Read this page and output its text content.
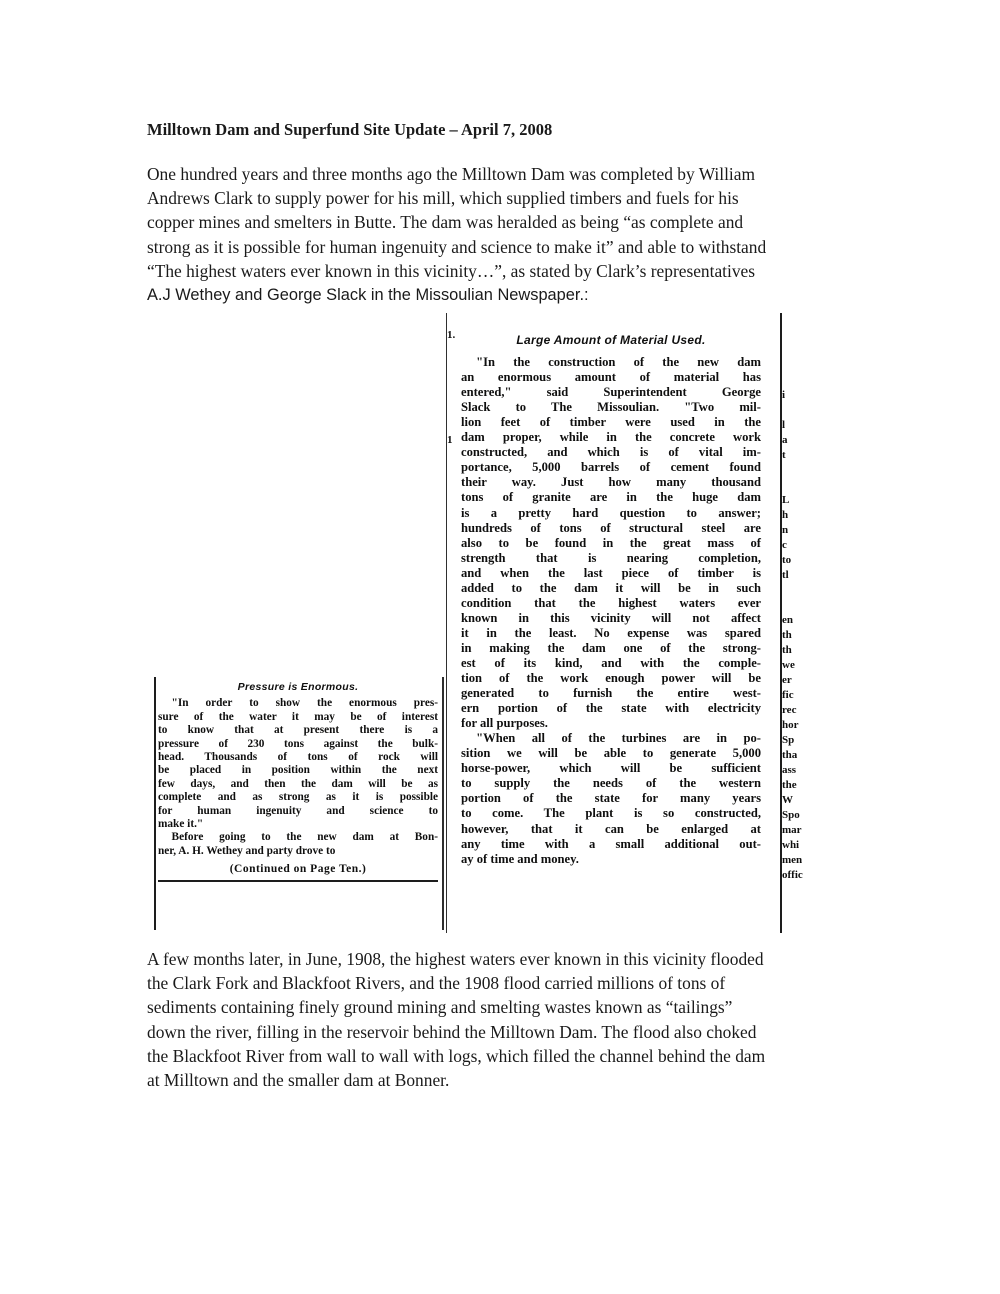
Milltown Dam and Superfund Site Update – April 7, 2008
One hundred years and three months ago the Milltown Dam was completed by William
Andrews Clark to supply power for his mill, which supplied timbers and fuels for his
copper mines and smelters in Butte. The dam was heralded as being “as complete and
strong as it is possible for human ingenuity and science to make it” and able to withstand
“The highest waters ever known in this vicinity…”, as stated by Clark’s representatives
A.J Wethey and George Slack in the Missoulian Newspaper.:
1.
1
Large Amount of Material Used.
"In the construction of the new dam
an enormous amount of material has
entered," said Superintendent George
Slack to The Missoulian. "Two mil-
lion feet of timber were used in the
dam proper, while in the concrete work
constructed, and which is of vital im-
portance, 5,000 barrels of cement found
their way. Just how many thousand
tons of granite are in the huge dam
is a pretty hard question to answer;
hundreds of tons of structural steel are
also to be found in the great mass of
strength that is nearing completion,
and when the last piece of timber is
added to the dam it will be in such
condition that the highest waters ever
known in this vicinity will not affect
it in the least. No expense was spared
in making the dam one of the strong-
est of its kind, and with the comple-
tion of the work enough power will be
generated to furnish the entire west-
ern portion of the state with electricity
for all purposes.
"When all of the turbines are in po-
sition we will be able to generate 5,000
horse-power, which will be sufficient
to supply the needs of the western
portion of the state for many years
to come. The plant is so constructed,
however, that it can be enlarged at
any time with a small additional out-
ay of time and money.
i
l
a
t
L
h
n
c
to
tl
en
th
th
we
er
fic
rec
hor
Sp
tha
ass
the
W
Spo
mar
whi
men
offic
Pressure is Enormous.
"In order to show the enormous pres-
sure of the water it may be of interest
to know that at present there is a
pressure of 230 tons against the bulk-
head. Thousands of tons of rock will
be placed in position within the next
few days, and then the dam will be as
complete and as strong as it is possible
for human ingenuity and science to
make it."
Before going to the new dam at Bon-
ner, A. H. Wethey and party drove to
(Continued on Page Ten.)
A few months later, in June, 1908, the highest waters ever known in this vicinity flooded
the Clark Fork and Blackfoot Rivers, and the 1908 flood carried millions of tons of
sediments containing finely ground mining and smelting wastes known as “tailings”
down the river, filling in the reservoir behind the Milltown Dam. The flood also choked
the Blackfoot River from wall to wall with logs, which filled the channel behind the dam
at Milltown and the smaller dam at Bonner.
